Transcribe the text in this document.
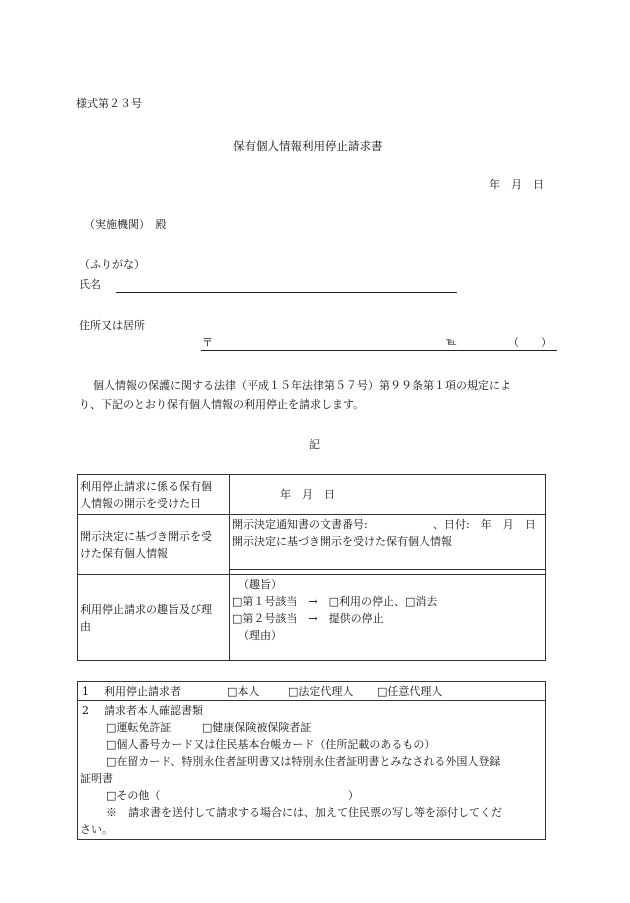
様式第２３号
保有個人情報利用停止請求書
年　月　日
（実施機関）　殿
（ふりがな）
氏名
住所又は居所
〒	℡	（　　）
個人情報の保護に関する法律（平成１５年法律第５７号）第９９条第１項の規定によ
り、下記のとおり保有個人情報の利用停止を請求します。
記
利用停止請求に係る保有個
人情報の開示を受けた日	年　月　日

開示決定に基づき開示を受
けた保有個人情報	開示決定通知書の文書番号: 、日付:　年　月　日
開示決定に基づき開示を受けた保有個人情報

利用停止請求の趣旨及び理
由	（趣旨）
□第１号該当　→　□利用の停止、□消去
□第２号該当　→　提供の停止
（理由）
1 利用停止請求者	□本人	□法定代理人 □任意代理人

2 請求者本人確認書類
□運転免許証	□健康保険被保険者証
□個人番号カード又は住民基本台帳カード（住所記載のあるもの）
□在留カード、特別永住者証明書又は特別永住者証明書とみなされる外国人登録
証明書
□その他（	）
※　請求書を送付して請求する場合には、加えて住民票の写し等を添付してくだ
さい。
